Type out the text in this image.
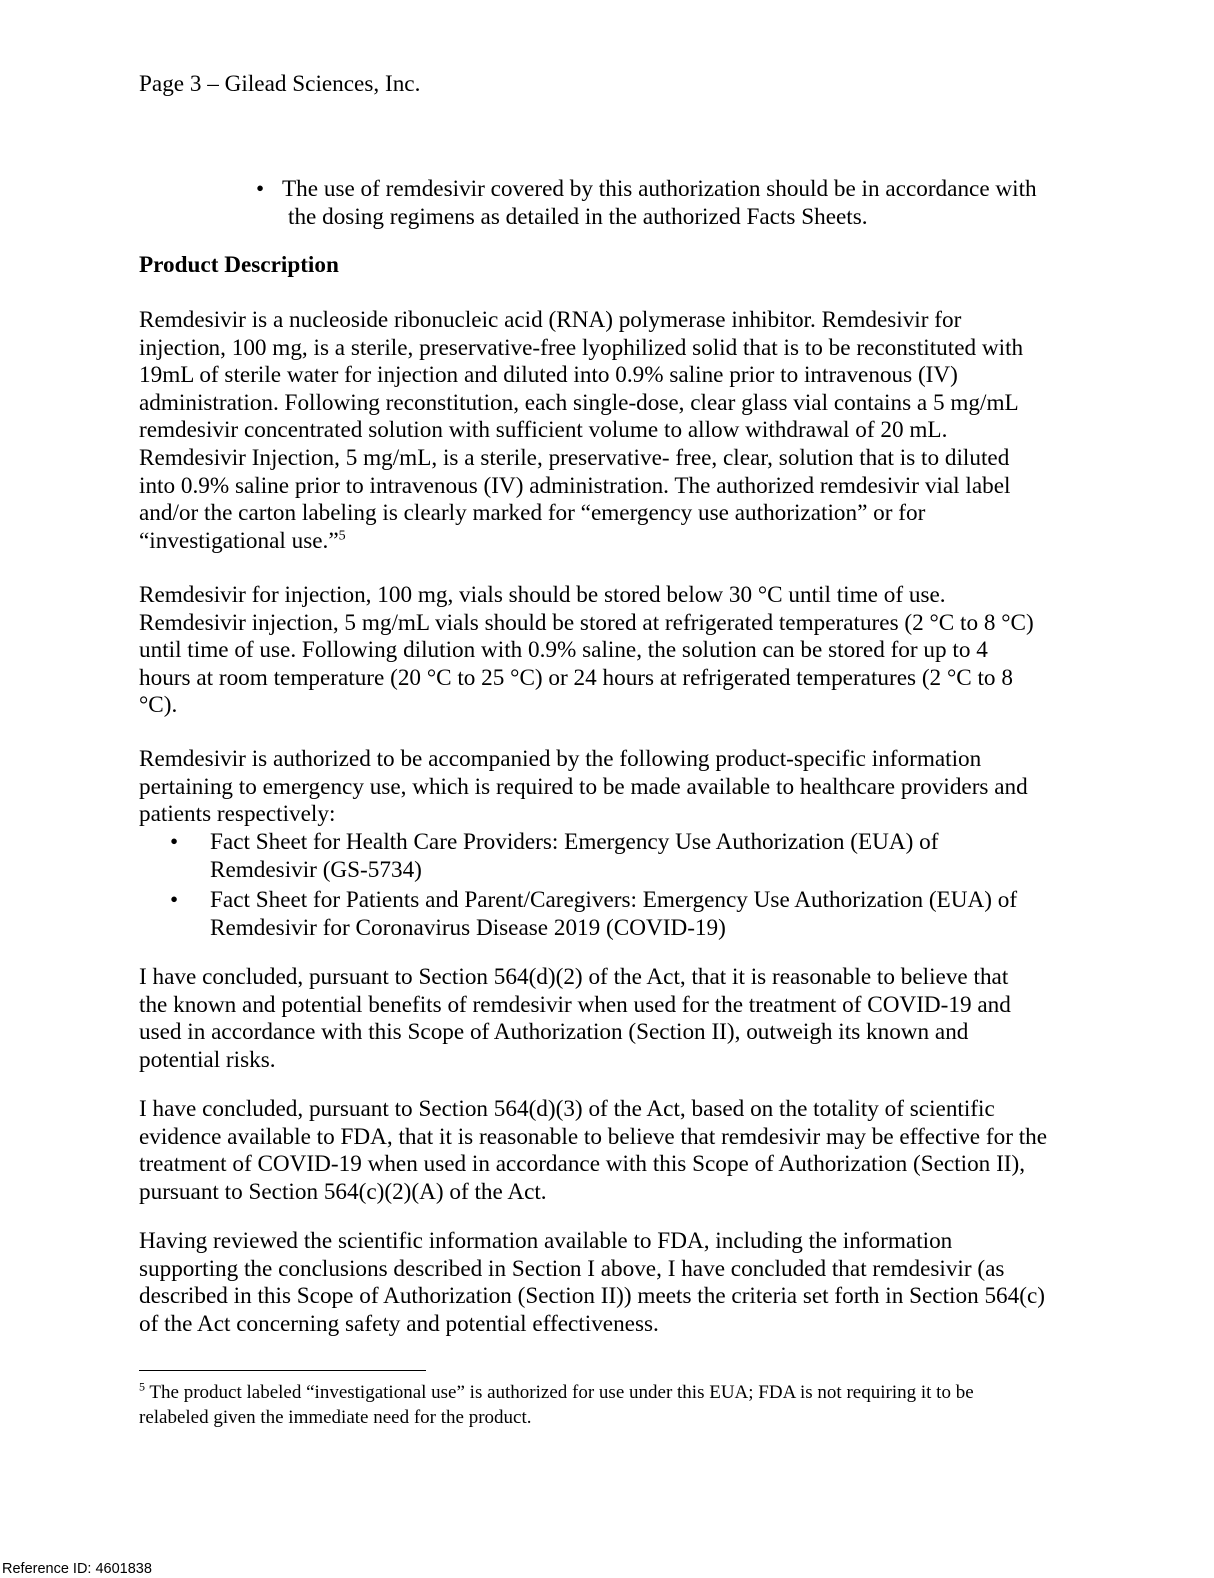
Page 3 – Gilead Sciences, Inc.
• The use of remdesivir covered by this authorization should be in accordance with
the dosing regimens as detailed in the authorized Facts Sheets.
Product Description
Remdesivir is a nucleoside ribonucleic acid (RNA) polymerase inhibitor. Remdesivir for
injection, 100 mg, is a sterile, preservative-free lyophilized solid that is to be reconstituted with
19mL of sterile water for injection and diluted into 0.9% saline prior to intravenous (IV)
administration. Following reconstitution, each single-dose, clear glass vial contains a 5 mg/mL
remdesivir concentrated solution with sufficient volume to allow withdrawal of 20 mL.
Remdesivir Injection, 5 mg/mL, is a sterile, preservative- free, clear, solution that is to diluted
into 0.9% saline prior to intravenous (IV) administration. The authorized remdesivir vial label
and/or the carton labeling is clearly marked for “emergency use authorization” or for
“investigational use.”$^5$
Remdesivir for injection, 100 mg, vials should be stored below 30 °C until time of use.
Remdesivir injection, 5 mg/mL vials should be stored at refrigerated temperatures (2 °C to 8 °C)
until time of use. Following dilution with 0.9% saline, the solution can be stored for up to 4
hours at room temperature (20 °C to 25 °C) or 24 hours at refrigerated temperatures (2 °C to 8
°C).
Remdesivir is authorized to be accompanied by the following product-specific information
pertaining to emergency use, which is required to be made available to healthcare providers and
patients respectively:
•	Fact Sheet for Health Care Providers: Emergency Use Authorization (EUA) of
Remdesivir (GS-5734)
•	Fact Sheet for Patients and Parent/Caregivers: Emergency Use Authorization (EUA) of
Remdesivir for Coronavirus Disease 2019 (COVID-19)
I have concluded, pursuant to Section 564(d)(2) of the Act, that it is reasonable to believe that
the known and potential benefits of remdesivir when used for the treatment of COVID-19 and
used in accordance with this Scope of Authorization (Section II), outweigh its known and
potential risks.
I have concluded, pursuant to Section 564(d)(3) of the Act, based on the totality of scientific
evidence available to FDA, that it is reasonable to believe that remdesivir may be effective for the
treatment of COVID-19 when used in accordance with this Scope of Authorization (Section II),
pursuant to Section 564(c)(2)(A) of the Act.
Having reviewed the scientific information available to FDA, including the information
supporting the conclusions described in Section I above, I have concluded that remdesivir (as
described in this Scope of Authorization (Section II)) meets the criteria set forth in Section 564(c)
of the Act concerning safety and potential effectiveness.
$^5$ The product labeled “investigational use” is authorized for use under this EUA; FDA is not requiring it to be
relabeled given the immediate need for the product.
Reference ID: 4601838
